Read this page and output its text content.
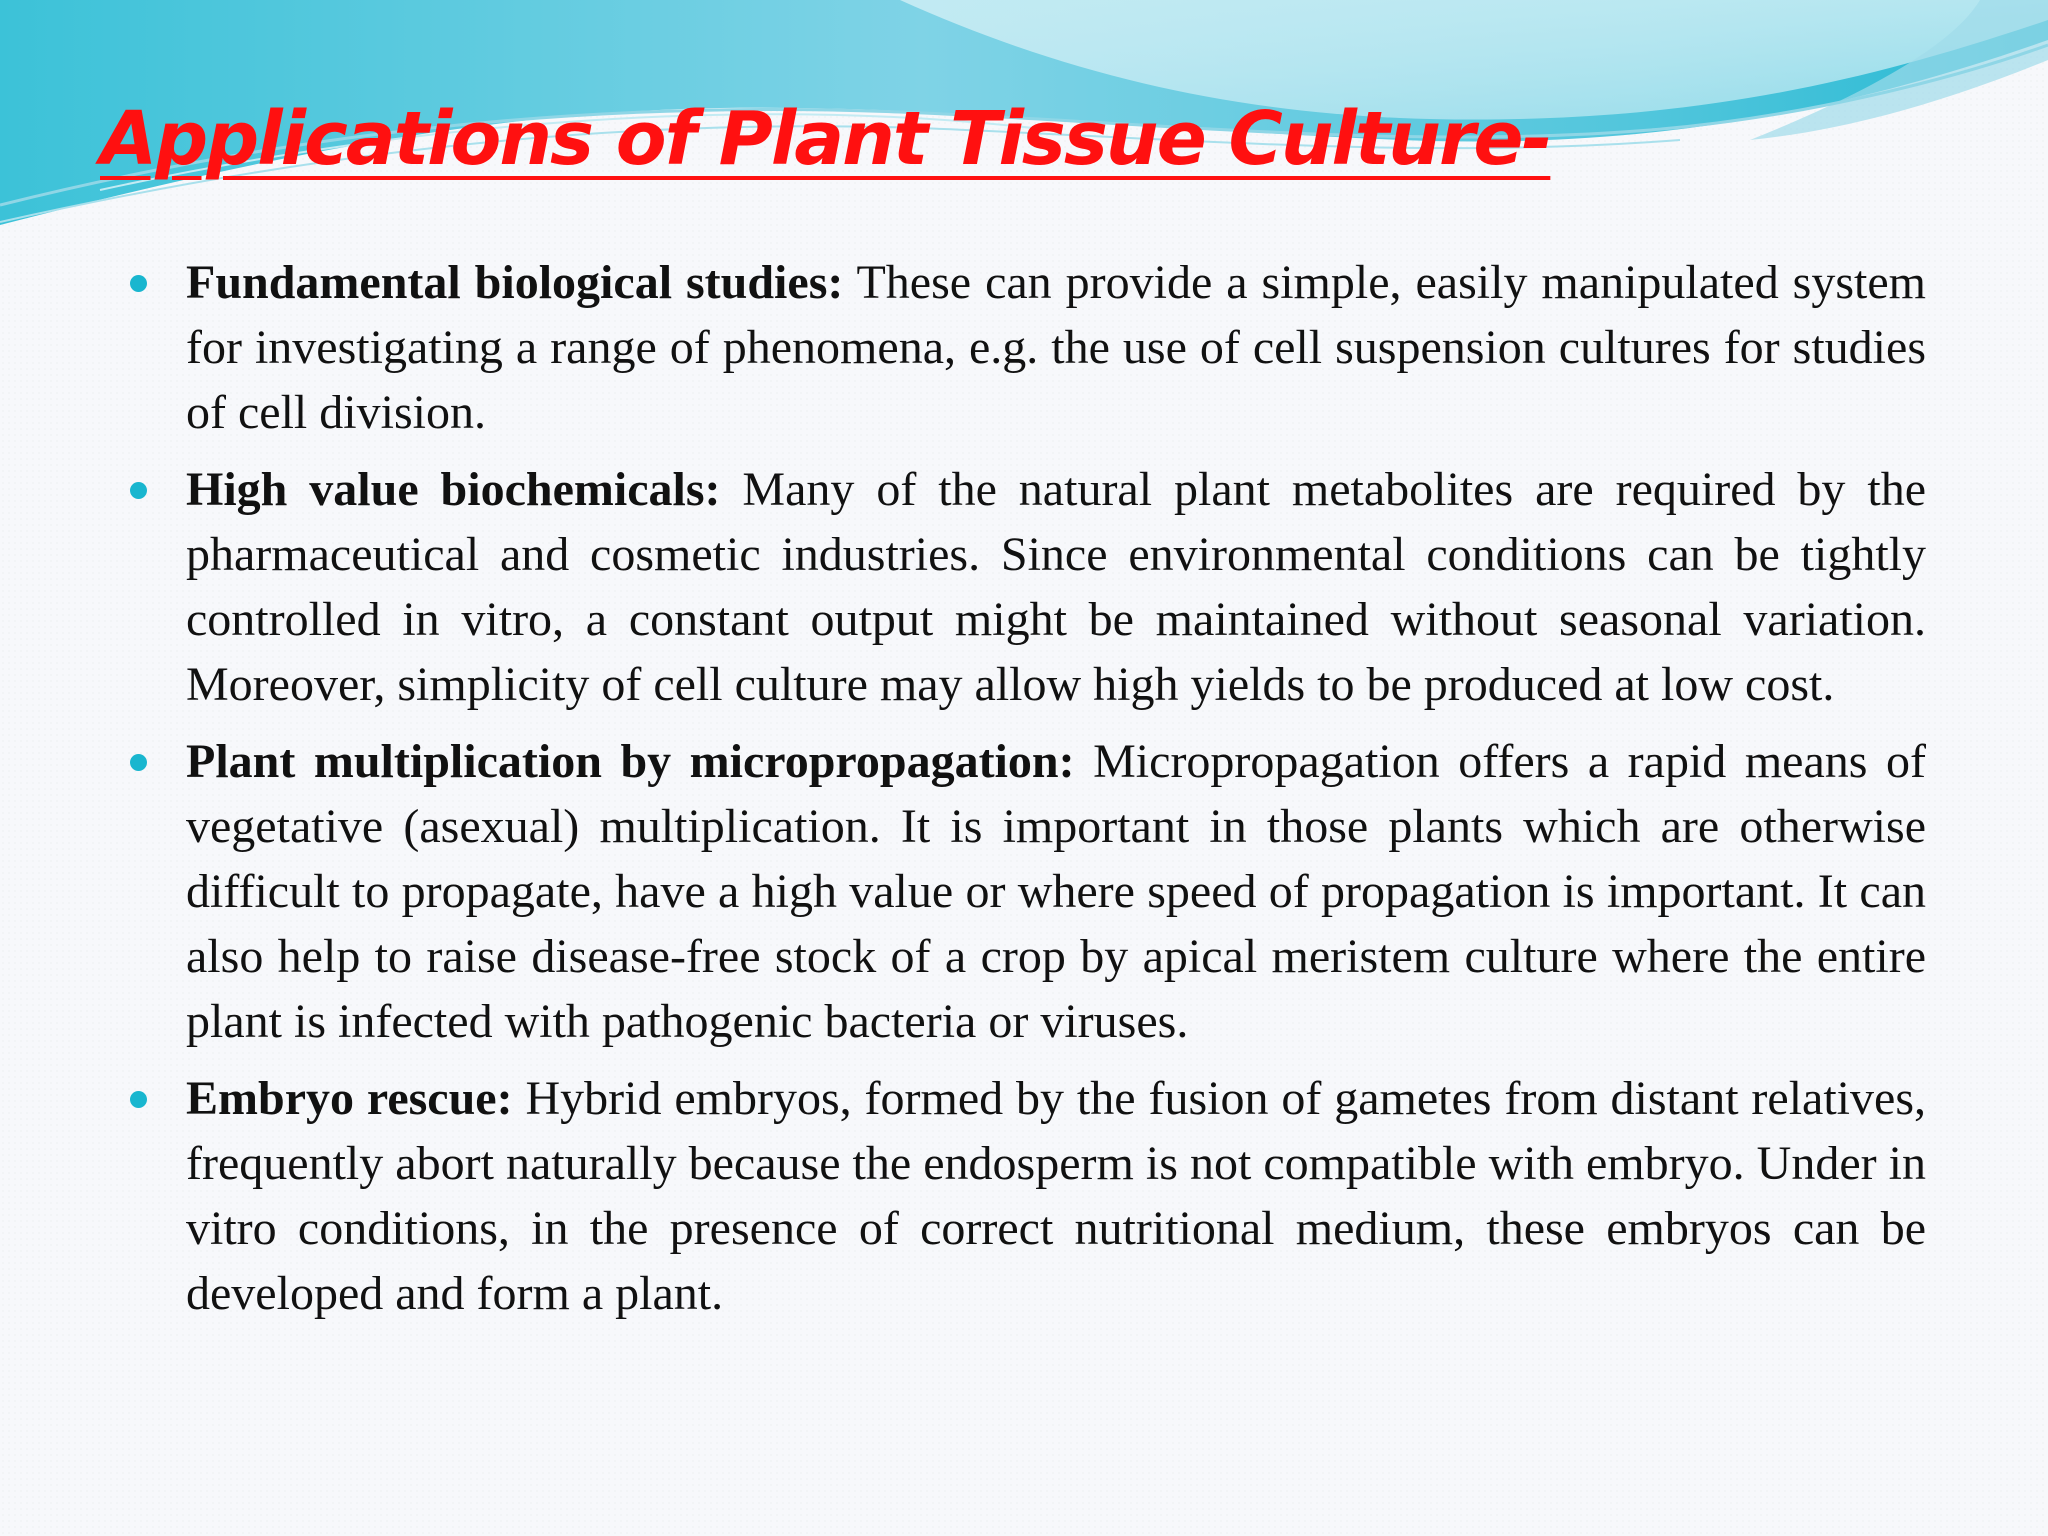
Applications of Plant Tissue Culture-
Fundamental biological studies: These can provide a simple, easily manipulated system for investigating a range of phenomena, e.g. the use of cell suspension cultures for studies of cell division.
High value biochemicals: Many of the natural plant metabolites are required by the pharmaceutical and cosmetic industries. Since environmental conditions can be tightly controlled in vitro, a constant output might be maintained without seasonal variation. Moreover, simplicity of cell culture may allow high yields to be produced at low cost.
Plant multiplication by micropropagation: Micropropagation offers a rapid means of vegetative (asexual) multiplication. It is important in those plants which are otherwise difficult to propagate, have a high value or where speed of propagation is important. It can also help to raise disease-free stock of a crop by apical meristem culture where the entire plant is infected with pathogenic bacteria or viruses.
Embryo rescue: Hybrid embryos, formed by the fusion of gametes from distant relatives, frequently abort naturally because the endosperm is not compatible with embryo. Under in vitro conditions, in the presence of correct nutritional medium, these embryos can be developed and form a plant.
